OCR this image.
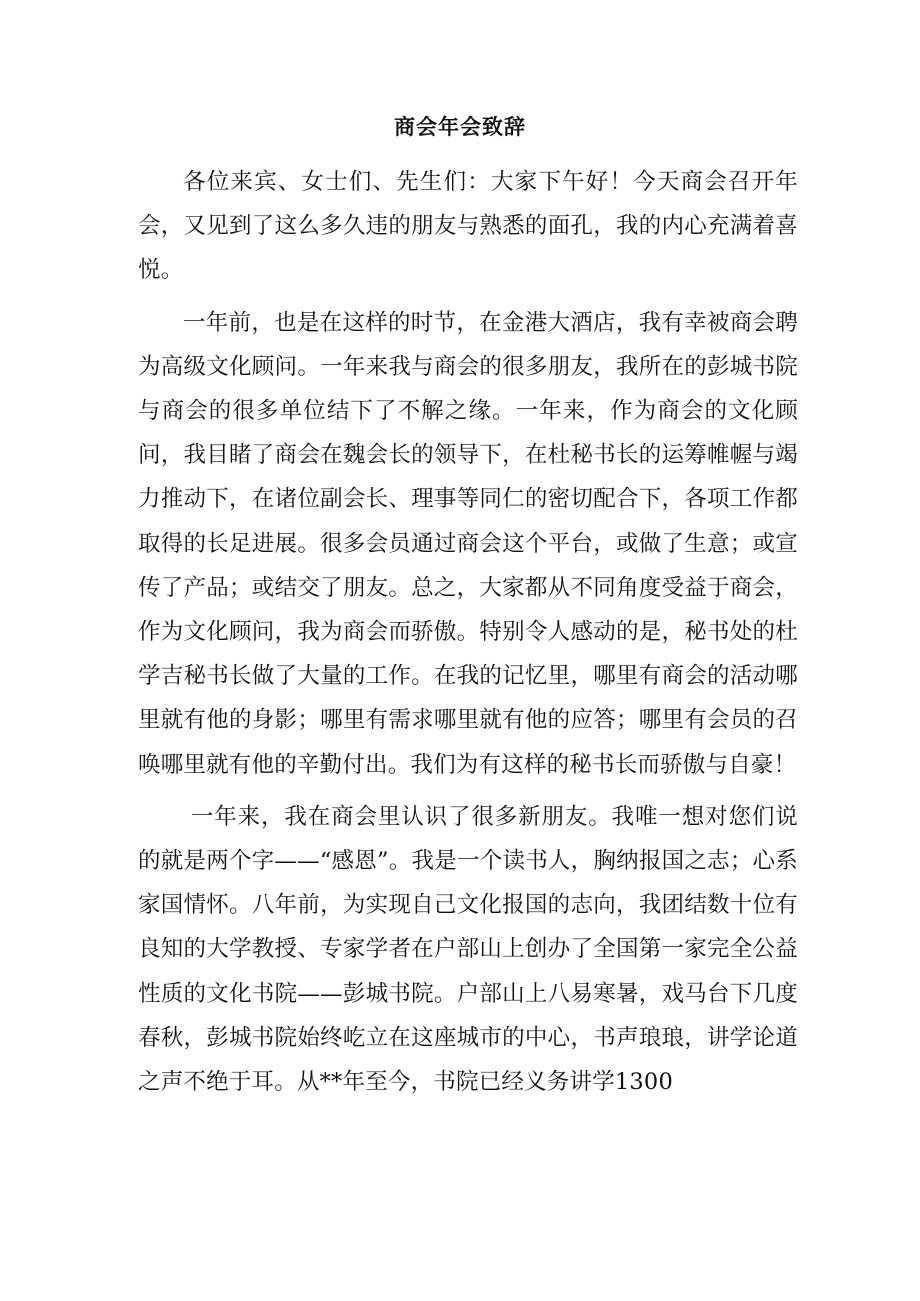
商会年会致辞

各位来宾、女士们、先生们：大家下午好！今天商会召开年会，又见到了这么多久违的朋友与熟悉的面孔，我的内心充满着喜悦。

一年前，也是在这样的时节，在金港大酒店，我有幸被商会聘为高级文化顾问。一年来我与商会的很多朋友，我所在的彭城书院与商会的很多单位结下了不解之缘。一年来，作为商会的文化顾问，我目睹了商会在魏会长的领导下，在杜秘书长的运筹帷幄与竭力推动下，在诸位副会长、理事等同仁的密切配合下，各项工作都取得的长足进展。很多会员通过商会这个平台，或做了生意；或宣传了产品；或结交了朋友。总之，大家都从不同角度受益于商会，作为文化顾问，我为商会而骄傲。特别令人感动的是，秘书处的杜学吉秘书长做了大量的工作。在我的记忆里，哪里有商会的活动哪里就有他的身影；哪里有需求哪里就有他的应答；哪里有会员的召唤哪里就有他的辛勤付出。我们为有这样的秘书长而骄傲与自豪！

一年来，我在商会里认识了很多新朋友。我唯一想对您们说的就是两个字——“感恩”。我是一个读书人，胸纳报国之志；心系家国情怀。八年前，为实现自己文化报国的志向，我团结数十位有良知的大学教授、专家学者在户部山上创办了全国第一家完全公益性质的文化书院——彭城书院。户部山上八易寒暑，戏马台下几度春秋，彭城书院始终屹立在这座城市的中心，书声琅琅，讲学论道之声不绝于耳。从**年至今，书院已经义务讲学1300
